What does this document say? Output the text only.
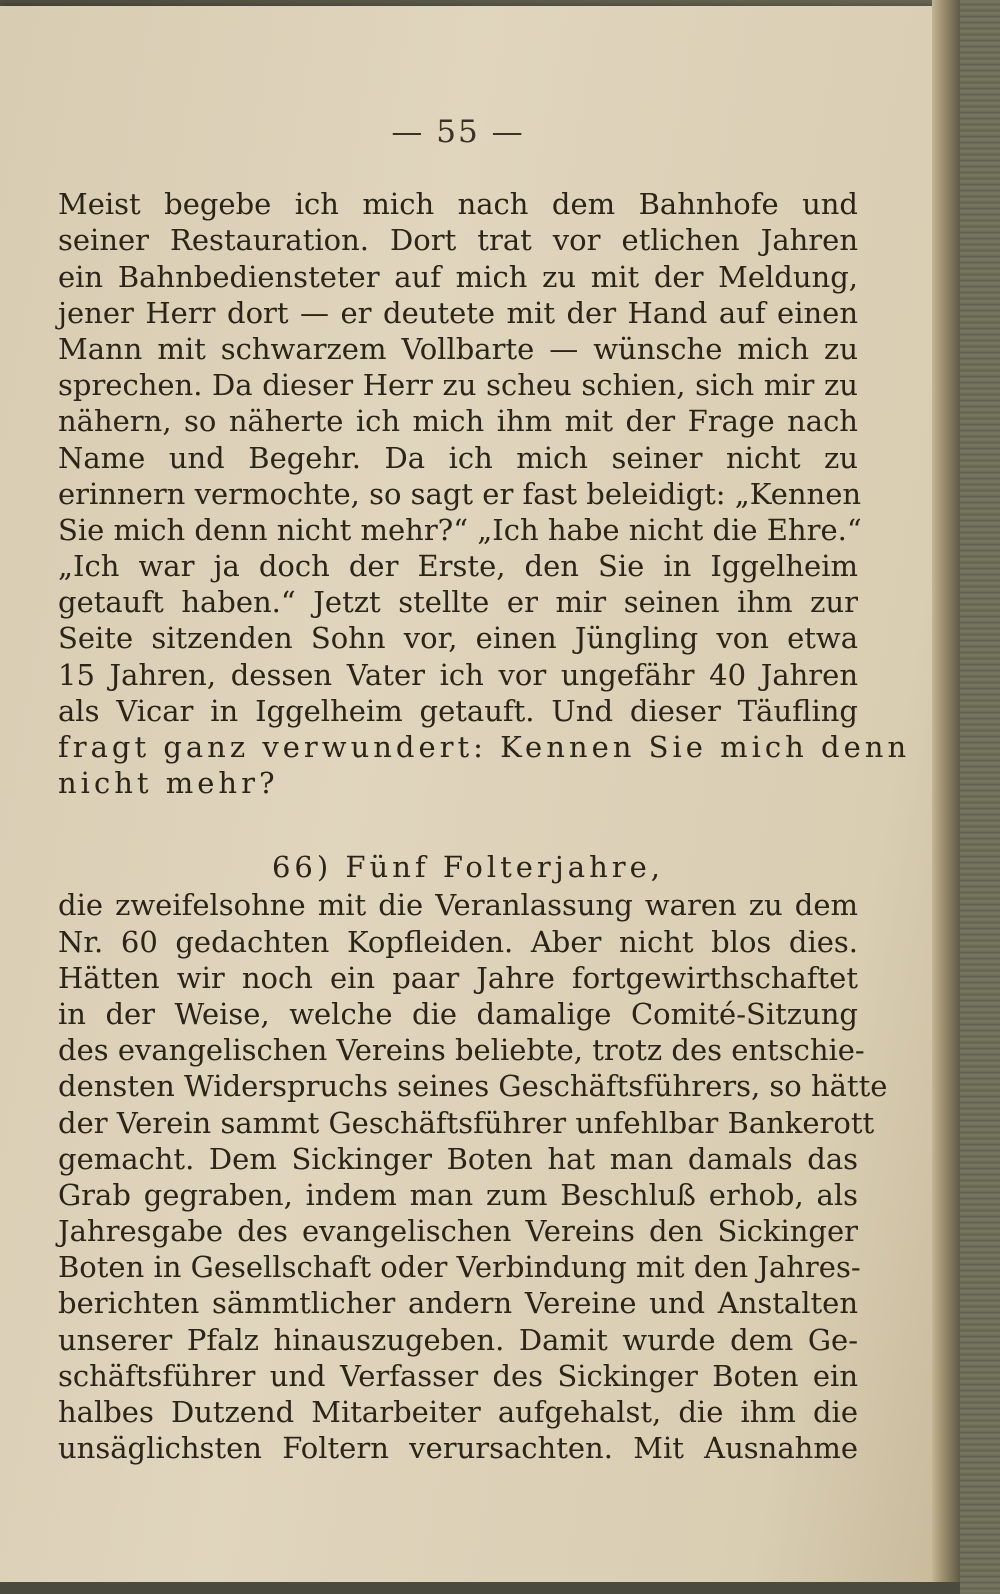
— 55 —
Meist begebe ich mich nach dem Bahnhofe und
seiner Restauration. Dort trat vor etlichen Jahren
ein Bahnbediensteter auf mich zu mit der Meldung,
jener Herr dort — er deutete mit der Hand auf einen
Mann mit schwarzem Vollbarte — wünsche mich zu
sprechen. Da dieser Herr zu scheu schien, sich mir zu
nähern, so näherte ich mich ihm mit der Frage nach
Name und Begehr. Da ich mich seiner nicht zu
erinnern vermochte, so sagt er fast beleidigt: „Kennen
Sie mich denn nicht mehr?“ „Ich habe nicht die Ehre.“
„Ich war ja doch der Erste, den Sie in Iggelheim
getauft haben.“ Jetzt stellte er mir seinen ihm zur
Seite sitzenden Sohn vor, einen Jüngling von etwa
15 Jahren, dessen Vater ich vor ungefähr 40 Jahren
als Vicar in Iggelheim getauft. Und dieser Täufling
fragt ganz verwundert: Kennen Sie mich denn
nicht mehr?
66) Fünf Folterjahre,
die zweifelsohne mit die Veranlassung waren zu dem
Nr. 60 gedachten Kopfleiden. Aber nicht blos dies.
Hätten wir noch ein paar Jahre fortgewirthschaftet
in der Weise, welche die damalige Comité-Sitzung
des evangelischen Vereins beliebte, trotz des entschie-
densten Widerspruchs seines Geschäftsführers, so hätte
der Verein sammt Geschäftsführer unfehlbar Bankerott
gemacht. Dem Sickinger Boten hat man damals das
Grab gegraben, indem man zum Beschluß erhob, als
Jahresgabe des evangelischen Vereins den Sickinger
Boten in Gesellschaft oder Verbindung mit den Jahres-
berichten sämmtlicher andern Vereine und Anstalten
unserer Pfalz hinauszugeben. Damit wurde dem Ge-
schäftsführer und Verfasser des Sickinger Boten ein
halbes Dutzend Mitarbeiter aufgehalst, die ihm die
unsäglichsten Foltern verursachten. Mit Ausnahme
